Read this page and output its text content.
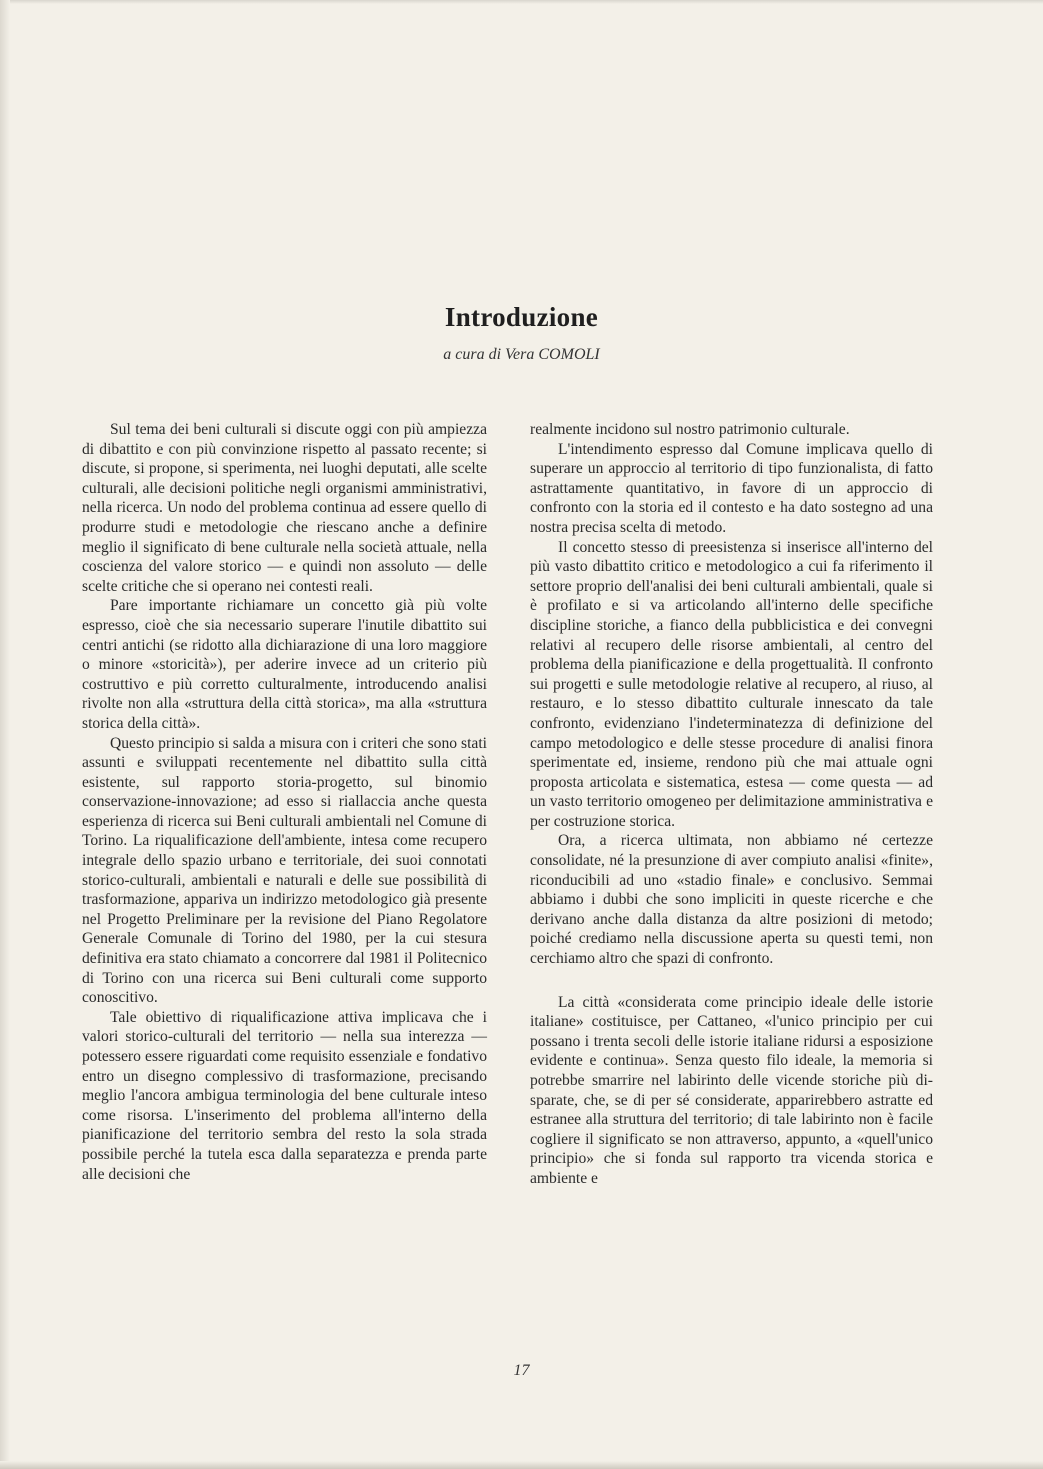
Introduzione
a cura di Vera COMOLI

Sul tema dei beni culturali si discute oggi con più ampiezza di dibattito e con più convinzione rispetto al passato recente; si discute, si propone, si sperimenta, nei luoghi deputati, alle scelte culturali, alle decisioni politiche negli organismi amministrativi, nella ricerca. Un nodo del problema continua ad essere quello di produrre studi e metodologie che riescano anche a definire meglio il significato di bene culturale nella società attuale, nella coscienza del valore storico — e quindi non assoluto — delle scelte critiche che si operano nei contesti reali.

Pare importante richiamare un concetto già più volte espresso, cioè che sia necessario superare l'inutile dibattito sui centri antichi (se ridotto alla dichiarazione di una loro maggiore o minore «storicità»), per aderire invece ad un criterio più costruttivo e più corretto culturalmente, introducendo analisi rivolte non alla «struttura della città storica», ma alla «struttura storica della città».

Questo principio si salda a misura con i criteri che sono stati assunti e sviluppati recentemente nel dibattito sulla città esistente, sul rapporto storia-progetto, sul binomio conservazione-innovazione; ad esso si riallaccia anche questa esperienza di ricerca sui Beni culturali ambientali nel Comune di Torino. La riqualificazione dell'ambiente, intesa come recupero integrale dello spazio urbano e territoriale, dei suoi connotati storico-culturali, ambientali e naturali e delle sue possibilità di trasformazione, appariva un indirizzo metodologico già presente nel Progetto Preliminare per la revisione del Piano Regolatore Generale Comunale di Torino del 1980, per la cui stesura definitiva era stato chiamato a concorrere dal 1981 il Politecnico di Torino con una ricerca sui Beni culturali come supporto conoscitivo.

Tale obiettivo di riqualificazione attiva implicava che i valori storico-culturali del territorio — nella sua interezza — potessero essere riguardati come requisito essenziale e fondativo entro un disegno complessivo di trasformazione, precisando meglio l'ancora ambigua terminologia del bene culturale inteso come risorsa. L'inserimento del problema all'interno della pianificazione del territorio sembra del resto la sola strada possibile perché la tutela esca dalla separatezza e prenda parte alle decisioni che

realmente incidono sul nostro patrimonio culturale.

L'intendimento espresso dal Comune implicava quello di superare un approccio al territorio di tipo funzionalista, di fatto astrattamente quantitativo, in favore di un approccio di confronto con la storia ed il contesto e ha dato sostegno ad una nostra precisa scelta di metodo.

Il concetto stesso di preesistenza si inserisce all'interno del più vasto dibattito critico e metodologico a cui fa riferimento il settore proprio dell'analisi dei beni culturali ambientali, quale si è profilato e si va articolando all'interno delle specifiche discipline storiche, a fianco della pubblicistica e dei convegni relativi al recupero delle risorse ambientali, al centro del problema della pianificazione e della progettualità. Il confronto sui progetti e sulle metodologie relative al recupero, al riuso, al restauro, e lo stesso dibattito culturale innescato da tale confronto, evidenziano l'indeterminatezza di definizione del campo metodologico e delle stesse procedure di analisi finora sperimentate ed, insieme, rendono più che mai attuale ogni proposta articolata e sistematica, estesa — come questa — ad un vasto territorio omogeneo per delimitazione amministrativa e per costruzione storica.

Ora, a ricerca ultimata, non abbiamo né certezze consolidate, né la presunzione di aver compiuto analisi «finite», riconducibili ad uno «stadio finale» e conclusivo. Semmai abbiamo i dubbi che sono impliciti in queste ricerche e che derivano anche dalla distanza da altre posizioni di metodo; poiché crediamo nella discussione aperta su questi temi, non cerchiamo altro che spazi di confronto.

La città «considerata come principio ideale delle istorie italiane» costituisce, per Cattaneo, «l'unico principio per cui possano i trenta secoli delle istorie italiane ridursi a esposizione evidente e continua». Senza questo filo ideale, la memoria si potrebbe smarrire nel labirinto delle vicende storiche più disparate, che, se di per sé considerate, apparirebbero astratte ed estranee alla struttura del territorio; di tale labirinto non è facile cogliere il significato se non attraverso, appunto, a «quell'unico principio» che si fonda sul rapporto tra vicenda storica e ambiente e

17
